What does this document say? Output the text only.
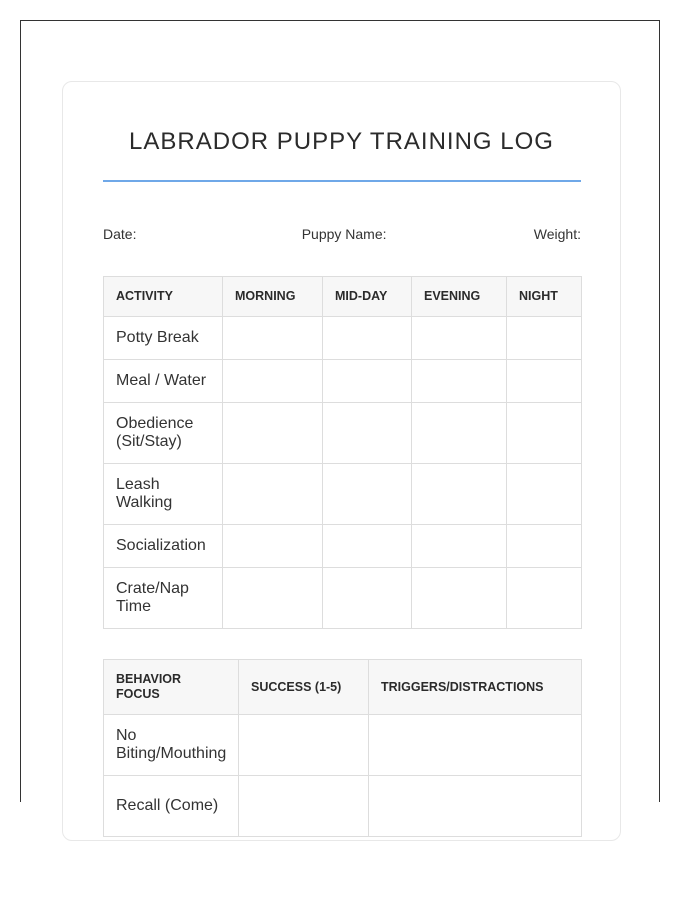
LABRADOR PUPPY TRAINING LOG
Date:	Puppy Name:	Weight:
ACTIVITY	MORNING	MID-DAY	EVENING	NIGHT
Potty Break				
Meal / Water				
Obedience (Sit/Stay)				
Leash Walking				
Socialization				
Crate/Nap Time				
BEHAVIOR FOCUS	SUCCESS (1-5)	TRIGGERS/DISTRACTIONS
No Biting/Mouthing		
Recall (Come)		
